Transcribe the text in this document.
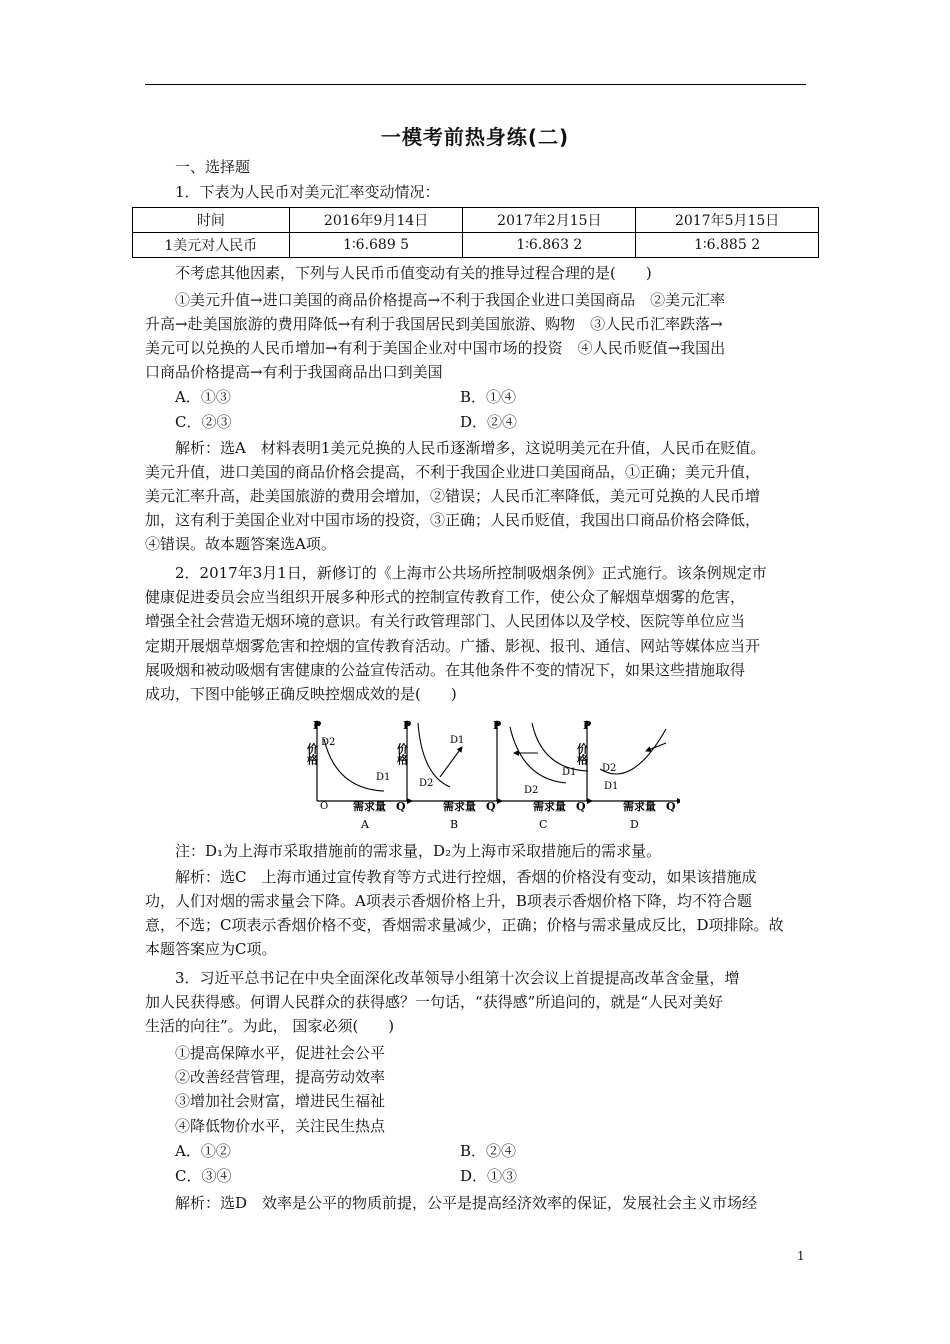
一模考前热身练(二)
一、选择题
1．下表为人民币对美元汇率变动情况：
时间	2016年9月14日	2017年2月15日	2017年5月15日
1美元对人民币	1∶6.689 5	1∶6.863 2	1∶6.885 2
不考虑其他因素，下列与人民币币值变动有关的推导过程合理的是(　　)
①美元升值→进口美国的商品价格提高→不利于我国企业进口美国商品　②美元汇率
升高→赴美国旅游的费用降低→有利于我国居民到美国旅游、购物　③人民币汇率跌落→
美元可以兑换的人民币增加→有利于美国企业对中国市场的投资　④人民币贬值→我国出
口商品价格提高→有利于我国商品出口到美国
A．①③	B．①④
C．②③	D．②④
解析：选A　材料表明1美元兑换的人民币逐渐增多，这说明美元在升值，人民币在贬值。
美元升值，进口美国的商品价格会提高，不利于我国企业进口美国商品，①正确；美元升值，
美元汇率升高，赴美国旅游的费用会增加，②错误；人民币汇率降低，美元可兑换的人民币增
加，这有利于美国企业对中国市场的投资，③正确；人民币贬值，我国出口商品价格会降低，
④错误。故本题答案选A项。
2．2017年3月1日，新修订的《上海市公共场所控制吸烟条例》正式施行。该条例规定市
健康促进委员会应当组织开展多种形式的控制宣传教育工作，使公众了解烟草烟雾的危害，
增强全社会营造无烟环境的意识。有关行政管理部门、人民团体以及学校、医院等单位应当
定期开展烟草烟雾危害和控烟的宣传教育活动。广播、影视、报刊、通信、网站等媒体应当开
展吸烟和被动吸烟有害健康的公益宣传活动。在其他条件不变的情况下，如果这些措施取得
成功，下图中能够正确反映控烟成效的是(　　)
P
价格
D2
D1
O 需求量 Q
A
P
价格
D1
D2
需求量 Q
B
P
D1
D2
需求量 Q
C
P
价格
D2
D1
需求量 Q
D
注：D₁为上海市采取措施前的需求量，D₂为上海市采取措施后的需求量。
解析：选C　上海市通过宣传教育等方式进行控烟，香烟的价格没有变动，如果该措施成
功，人们对烟的需求量会下降。A项表示香烟价格上升，B项表示香烟价格下降，均不符合题
意，不选；C项表示香烟价格不变，香烟需求量减少，正确；价格与需求量成反比，D项排除。故
本题答案应为C项。
3．习近平总书记在中央全面深化改革领导小组第十次会议上首提提高改革含金量，增
加人民获得感。何谓人民群众的获得感？一句话，“获得感”所追问的，就是“人民对美好
生活的向往”。为此， 国家必须(　　)
①提高保障水平，促进社会公平
②改善经营管理，提高劳动效率
③增加社会财富，增进民生福祉
④降低物价水平，关注民生热点
A．①②	B．②④
C．③④	D．①③
解析：选D　效率是公平的物质前提，公平是提高经济效率的保证，发展社会主义市场经
1
